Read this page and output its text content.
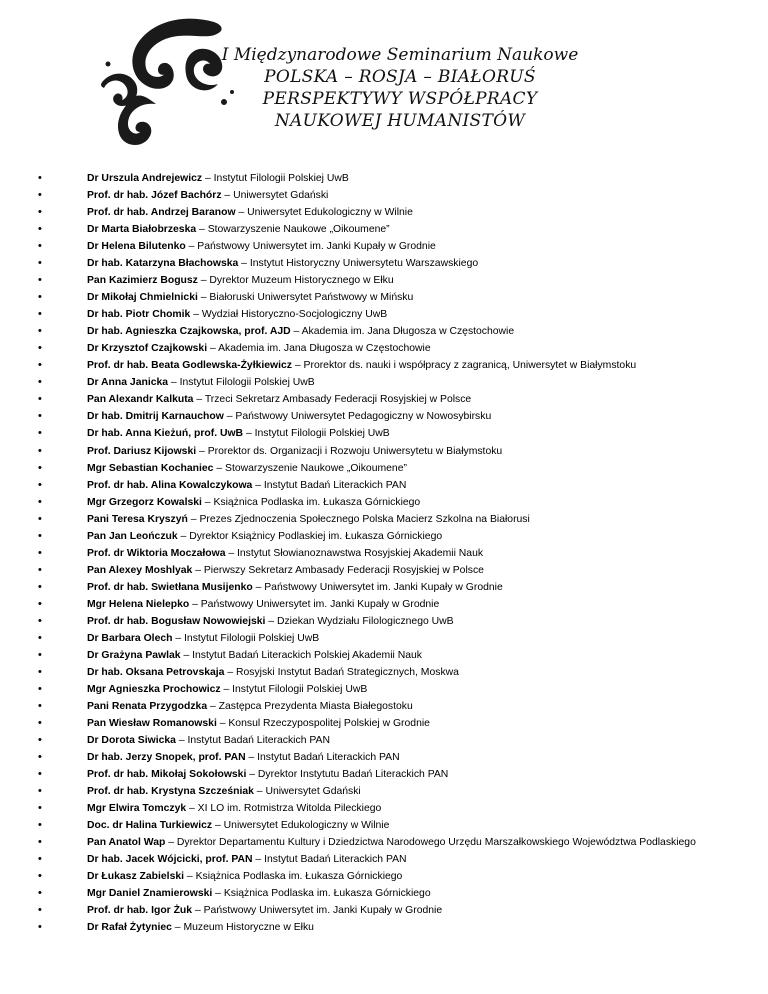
I Międzynarodowe Seminarium Naukowe
POLSKA – ROSJA – BIAŁORUŚ
PERSPEKTYWY WSPÓŁPRACY
NAUKOWEJ HUMANISTÓW
• Dr Urszula Andrejewicz – Instytut Filologii Polskiej UwB
• Prof. dr hab. Józef Bachórz – Uniwersytet Gdański
• Prof. dr hab. Andrzej Baranow – Uniwersytet Edukologiczny w Wilnie
• Dr Marta Białobrzeska – Stowarzyszenie Naukowe „Oikoumene”
• Dr Helena Bilutenko – Państwowy Uniwersytet im. Janki Kupały w Grodnie
• Dr hab. Katarzyna Błachowska – Instytut Historyczny Uniwersytetu Warszawskiego
• Pan Kazimierz Bogusz – Dyrektor Muzeum Historycznego w Ełku
• Dr Mikołaj Chmielnicki – Białoruski Uniwersytet Państwowy w Mińsku
• Dr hab. Piotr Chomik – Wydział Historyczno-Socjologiczny UwB
• Dr hab. Agnieszka Czajkowska, prof. AJD – Akademia im. Jana Długosza w Częstochowie
• Dr Krzysztof Czajkowski – Akademia im. Jana Długosza w Częstochowie
• Prof. dr hab. Beata Godlewska-Żyłkiewicz – Prorektor ds. nauki i współpracy z zagranicą, Uniwersytet w Białymstoku
• Dr Anna Janicka – Instytut Filologii Polskiej UwB
• Pan Alexandr Kalkuta – Trzeci Sekretarz Ambasady Federacji Rosyjskiej w Polsce
• Dr hab. Dmitrij Karnauchow – Państwowy Uniwersytet Pedagogiczny w Nowosybirsku
• Dr hab. Anna Kieżuń, prof. UwB – Instytut Filologii Polskiej UwB
• Prof. Dariusz Kijowski – Prorektor ds. Organizacji i Rozwoju Uniwersytetu w Białymstoku
• Mgr Sebastian Kochaniec – Stowarzyszenie Naukowe „Oikoumene”
• Prof. dr hab. Alina Kowalczykowa – Instytut Badań Literackich PAN
• Mgr Grzegorz Kowalski – Książnica Podlaska im. Łukasza Górnickiego
• Pani Teresa Kryszyń – Prezes Zjednoczenia Społecznego Polska Macierz Szkolna na Białorusi
• Pan Jan Leończuk – Dyrektor Książnicy Podlaskiej im. Łukasza Górnickiego
• Prof. dr Wiktoria Moczałowa – Instytut Słowianoznawstwa Rosyjskiej Akademii Nauk
• Pan Alexey Moshlyak – Pierwszy Sekretarz Ambasady Federacji Rosyjskiej w Polsce
• Prof. dr hab. Swietłana Musijenko – Państwowy Uniwersytet im. Janki Kupały w Grodnie
• Mgr Helena Nielepko – Państwowy Uniwersytet im. Janki Kupały w Grodnie
• Prof. dr hab. Bogusław Nowowiejski – Dziekan Wydziału Filologicznego UwB
• Dr Barbara Olech – Instytut Filologii Polskiej UwB
• Dr Grażyna Pawlak – Instytut Badań Literackich Polskiej Akademii Nauk
• Dr hab. Oksana Petrovskaja – Rosyjski Instytut Badań Strategicznych, Moskwa
• Mgr Agnieszka Prochowicz – Instytut Filologii Polskiej UwB
• Pani Renata Przygodzka – Zastępca Prezydenta Miasta Białegostoku
• Pan Wiesław Romanowski – Konsul Rzeczypospolitej Polskiej w Grodnie
• Dr Dorota Siwicka – Instytut Badań Literackich PAN
• Dr hab. Jerzy Snopek, prof. PAN – Instytut Badań Literackich PAN
• Prof. dr hab. Mikołaj Sokołowski – Dyrektor Instytutu Badań Literackich PAN
• Prof. dr hab. Krystyna Szcześniak – Uniwersytet Gdański
• Mgr Elwira Tomczyk – XI LO im. Rotmistrza Witolda Pileckiego
• Doc. dr Halina Turkiewicz – Uniwersytet Edukologiczny w Wilnie
• Pan Anatol Wap – Dyrektor Departamentu Kultury i Dziedzictwa Narodowego Urzędu Marszałkowskiego Województwa Podlaskiego
• Dr hab. Jacek Wójcicki, prof. PAN – Instytut Badań Literackich PAN
• Dr Łukasz Zabielski – Książnica Podlaska im. Łukasza Górnickiego
• Mgr Daniel Znamierowski – Książnica Podlaska im. Łukasza Górnickiego
• Prof. dr hab. Igor Żuk – Państwowy Uniwersytet im. Janki Kupały w Grodnie
• Dr Rafał Żytyniec – Muzeum Historyczne w Ełku
